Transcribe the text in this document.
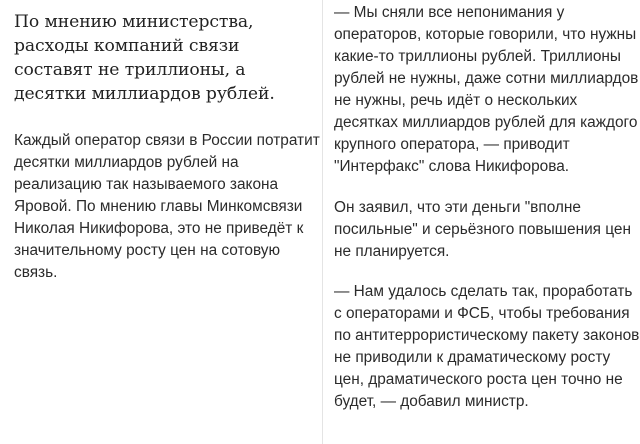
По мнению министерства, расходы компаний связи составят не триллионы, а десятки миллиардов рублей.

Каждый оператор связи в России потратит десятки миллиардов рублей на реализацию так называемого закона Яровой. По мнению главы Минкомсвязи Николая Никифорова, это не приведёт к значительному росту цен на сотовую связь.

— Мы сняли все непонимания у операторов, которые говорили, что нужны какие-то триллионы рублей. Триллионы рублей не нужны, даже сотни миллиардов не нужны, речь идёт о нескольких десятках миллиардов рублей для каждого крупного оператора, — приводит "Интерфакс" слова Никифорова.

Он заявил, что эти деньги "вполне посильные" и серьёзного повышения цен не планируется.

— Нам удалось сделать так, проработать с операторами и ФСБ, чтобы требования по антитеррористическому пакету законов не приводили к драматическому росту цен, драматического роста цен точно не будет, — добавил министр.
